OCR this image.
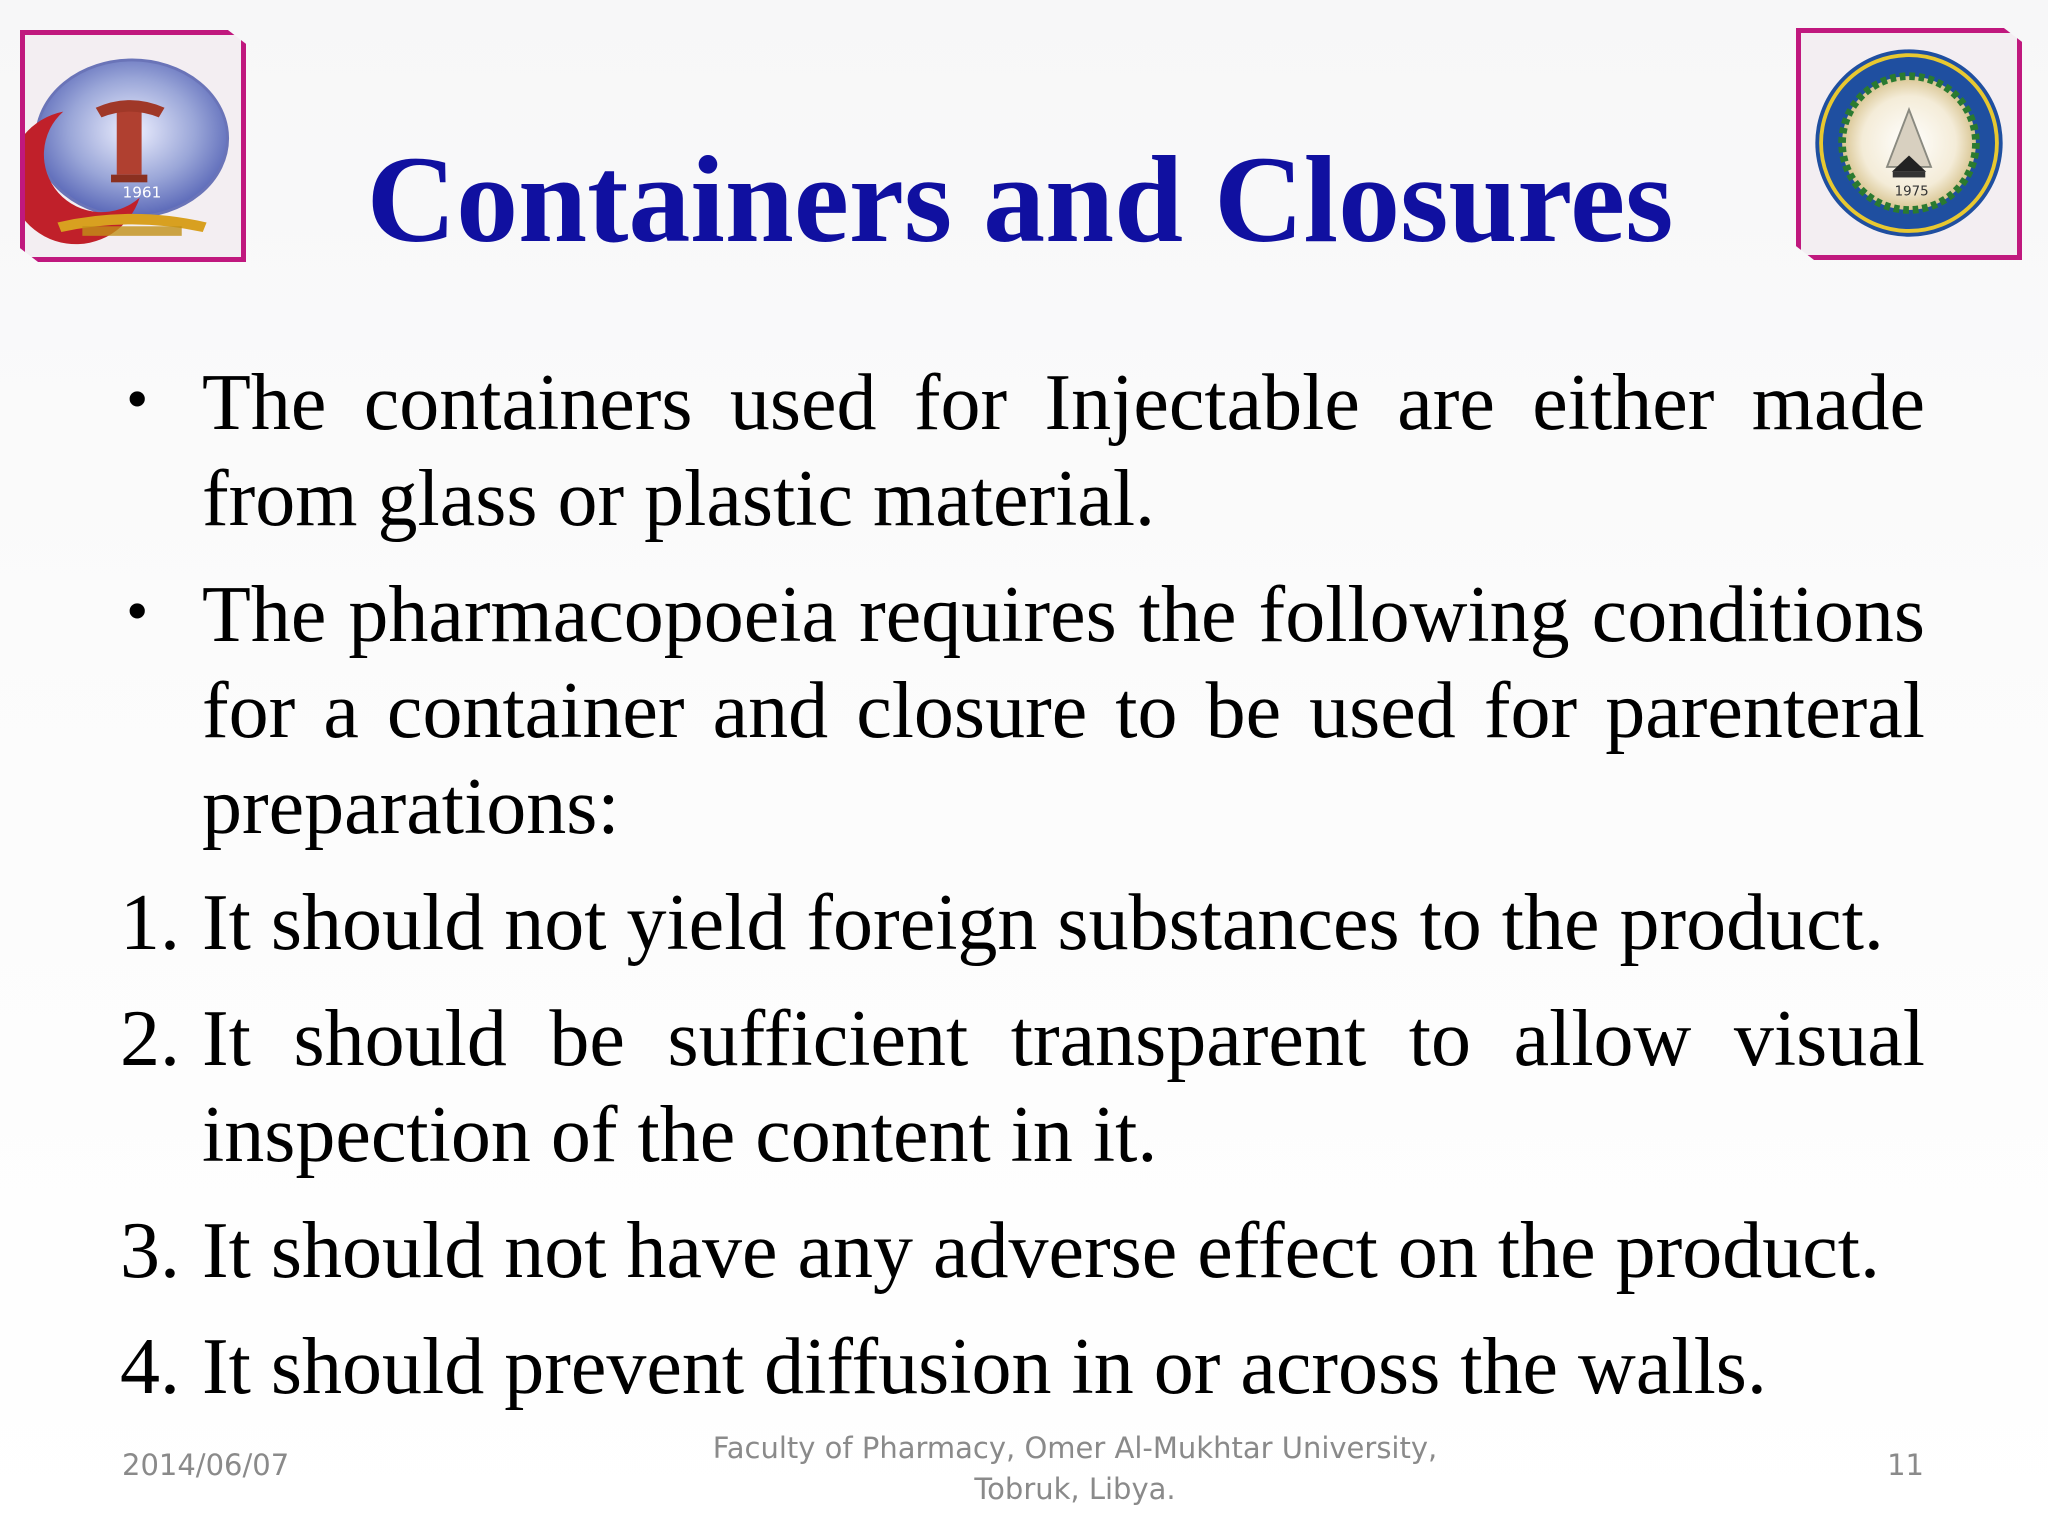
1961	1975
Containers and Closures
• The containers used for Injectable are either made from glass or plastic material.
• The pharmacopoeia requires the following conditions for a container and closure to be used for parenteral preparations:
1. It should not yield foreign substances to the product.
2. It should be sufficient transparent to allow visual inspection of the content in it.
3. It should not have any adverse effect on the product.
4. It should prevent diffusion in or across the walls.
2014/06/07	Faculty of Pharmacy, Omer Al-Mukhtar University,
Tobruk, Libya.
11
